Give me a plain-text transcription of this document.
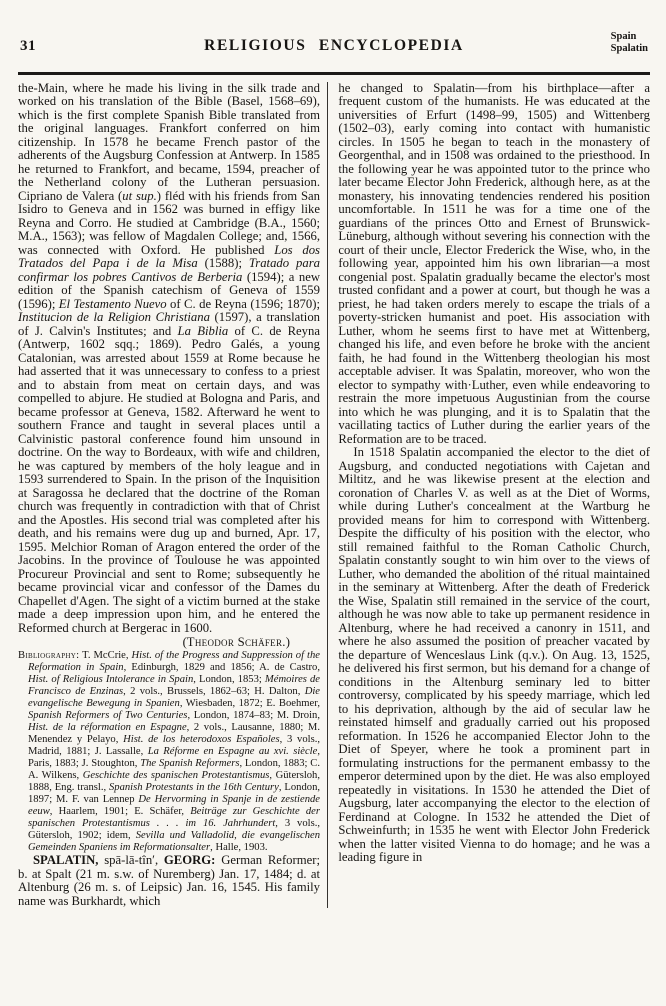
31	RELIGIOUS ENCYCLOPEDIA
Spain
Spalatin

the-Main, where he made his living in the silk trade and worked on his translation of the Bible (Basel, 1568–69), which is the first complete Spanish Bible translated from the original languages. Frankfort conferred on him citizenship. In 1578 he became French pastor of the adherents of the Augsburg Confession at Antwerp. In 1585 he returned to Frankfort, and became, 1594, preacher of the Netherland colony of the Lutheran persuasion. Cipriano de Valera (ut sup.) fléd with his friends from San Isidro to Geneva and in 1562 was burned in effigy like Reyna and Corro. He studied at Cambridge (B.A., 1560; M.A., 1563); was fellow of Magdalen College; and, 1566, was connected with Oxford. He published Los dos Tratados del Papa i de la Misa (1588); Tratado para confirmar los pobres Cantivos de Berberia (1594); a new edition of the Spanish catechism of Geneva of 1559 (1596); El Testamento Nuevo of C. de Reyna (1596; 1870); Institucion de la Religion Christiana (1597), a translation of J. Calvin's Institutes; and La Biblia of C. de Reyna (Antwerp, 1602 sqq.; 1869). Pedro Galés, a young Catalonian, was arrested about 1559 at Rome because he had asserted that it was unnecessary to confess to a priest and to abstain from meat on certain days, and was compelled to abjure. He studied at Bologna and Paris, and became professor at Geneva, 1582. Afterward he went to southern France and taught in several places until a Calvinistic pastoral conference found him unsound in doctrine. On the way to Bordeaux, with wife and children, he was captured by members of the holy league and in 1593 surrendered to Spain. In the prison of the Inquisition at Saragossa he declared that the doctrine of the Roman church was frequently in contradiction with that of Christ and the Apostles. His second trial was completed after his death, and his remains were dug up and burned, Apr. 17, 1595. Melchior Roman of Aragon entered the order of the Jacobins. In the province of Toulouse he was appointed Procureur Provincial and sent to Rome; subsequently he became provincial vicar and confessor of the Dames du Chapellet d'Agen. The sight of a victim burned at the stake made a deep impression upon him, and he entered the Reformed church at Bergerac in 1600.

(Theodor Schäfer.)

Bibliography: T. McCrie, Hist. of the Progress and Suppression of the Reformation in Spain, Edinburgh, 1829 and 1856; A. de Castro, Hist. of Religious Intolerance in Spain, London, 1853; Mémoires de Francisco de Enzinas, 2 vols., Brussels, 1862–63; H. Dalton, Die evangelische Bewegung in Spanien, Wiesbaden, 1872; E. Boehmer, Spanish Reformers of Two Centuries, London, 1874–83; M. Droin, Hist. de la réformation en Espagne, 2 vols., Lausanne, 1880; M. Menendez y Pelayo, Hist. de los heterodoxos Españoles, 3 vols., Madrid, 1881; J. Lassalle, La Réforme en Espagne au xvi. siècle, Paris, 1883; J. Stoughton, The Spanish Reformers, London, 1883; C. A. Wilkens, Geschichte des spanischen Protestantismus, Gütersloh, 1888, Eng. transl., Spanish Protestants in the 16th Century, London, 1897; M. F. van Lennep De Hervorming in Spanje in de zestiende eeuw, Haarlem, 1901; E. Schäfer, Beiträge zur Geschichte der spanischen Protestantismus . . . im 16. Jahrhundert, 3 vols., Gütersloh, 1902; idem, Sevilla und Valladolid, die evangelischen Gemeinden Spaniens im Reformationsalter, Halle, 1903.

SPALATIN, spā-lā-tîn′, GEORG: German Reformer; b. at Spalt (21 m. s.w. of Nuremberg) Jan. 17, 1484; d. at Altenburg (26 m. s. of Leipsic) Jan. 16, 1545. His family name was Burkhardt, which

he changed to Spalatin—from his birthplace—after a frequent custom of the humanists. He was educated at the universities of Erfurt (1498–99, 1505) and Wittenberg (1502–03), early coming into contact with humanistic circles. In 1505 he began to teach in the monastery of Georgenthal, and in 1508 was ordained to the priesthood. In the following year he was appointed tutor to the prince who later became Elector John Frederick, although here, as at the monastery, his innovating tendencies rendered his position uncomfortable. In 1511 he was for a time one of the guardians of the princes Otto and Ernest of Brunswick-Lüneburg, although without severing his connection with the court of their uncle, Elector Frederick the Wise, who, in the following year, appointed him his own librarian—a most congenial post. Spalatin gradually became the elector's most trusted confidant and a power at court, but though he was a priest, he had taken orders merely to escape the trials of a poverty-stricken humanist and poet. His association with Luther, whom he seems first to have met at Wittenberg, changed his life, and even before he broke with the ancient faith, he had found in the Wittenberg theologian his most acceptable adviser. It was Spalatin, moreover, who won the elector to sympathy with·Luther, even while endeavoring to restrain the more impetuous Augustinian from the course into which he was plunging, and it is to Spalatin that the vacillating tactics of Luther during the earlier years of the Reformation are to be traced.

In 1518 Spalatin accompanied the elector to the diet of Augsburg, and conducted negotiations with Cajetan and Miltitz, and he was likewise present at the election and coronation of Charles V. as well as at the Diet of Worms, while during Luther's concealment at the Wartburg he provided means for him to correspond with Wittenberg. Despite the difficulty of his position with the elector, who still remained faithful to the Roman Catholic Church, Spalatin constantly sought to win him over to the views of Luther, who demanded the abolition of thé ritual maintained in the seminary at Wittenberg. After the death of Frederick the Wise, Spalatin still remained in the service of the court, although he was now able to take up permanent residence in Altenburg, where he had received a canonry in 1511, and where he also assumed the position of preacher vacated by the departure of Wenceslaus Link (q.v.). On Aug. 13, 1525, he delivered his first sermon, but his demand for a change of conditions in the Altenburg seminary led to bitter controversy, complicated by his speedy marriage, which led to his deprivation, although by the aid of secular law he reinstated himself and gradually carried out his proposed reformation. In 1526 he accompanied Elector John to the Diet of Speyer, where he took a prominent part in formulating instructions for the permanent embassy to the emperor determined upon by the diet. He was also employed repeatedly in visitations. In 1530 he attended the Diet of Augsburg, later accompanying the elector to the election of Ferdinand at Cologne. In 1532 he attended the Diet of Schweinfurth; in 1535 he went with Elector John Frederick when the latter visited Vienna to do homage; and he was a leading figure in
